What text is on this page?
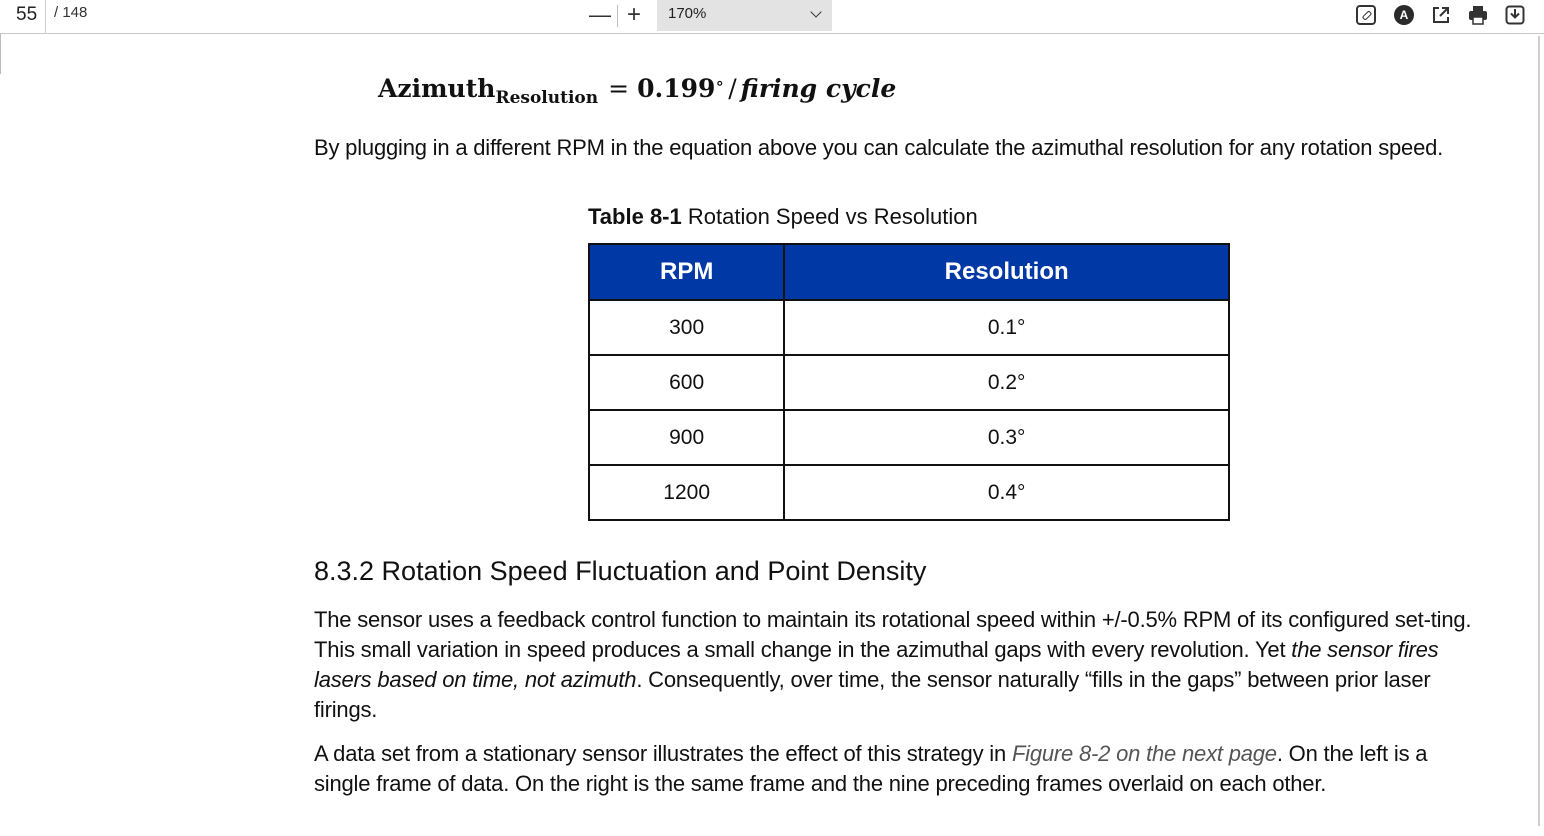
55	/ 148	— +	170%	A
Azimuth$_{Resolution}$ = 0.199∘ / firing cycle
By plugging in a different RPM in the equation above you can calculate the azimuthal resolution for any rotation speed.
Table 8-1 Rotation Speed vs Resolution
RPM	Resolution
300	0.1°
600	0.2°
900	0.3°
1200	0.4°
8.3.2 Rotation Speed Fluctuation and Point Density
The sensor uses a feedback control function to maintain its rotational speed within +/-0.5% RPM of its configured set-ting. This small variation in speed produces a small change in the azimuthal gaps with every revolution. Yet the sensor fires lasers based on time, not azimuth. Consequently, over time, the sensor naturally “fills in the gaps” between prior laser firings.
A data set from a stationary sensor illustrates the effect of this strategy in Figure 8-2 on the next page. On the left is a single frame of data. On the right is the same frame and the nine preceding frames overlaid on each other.
